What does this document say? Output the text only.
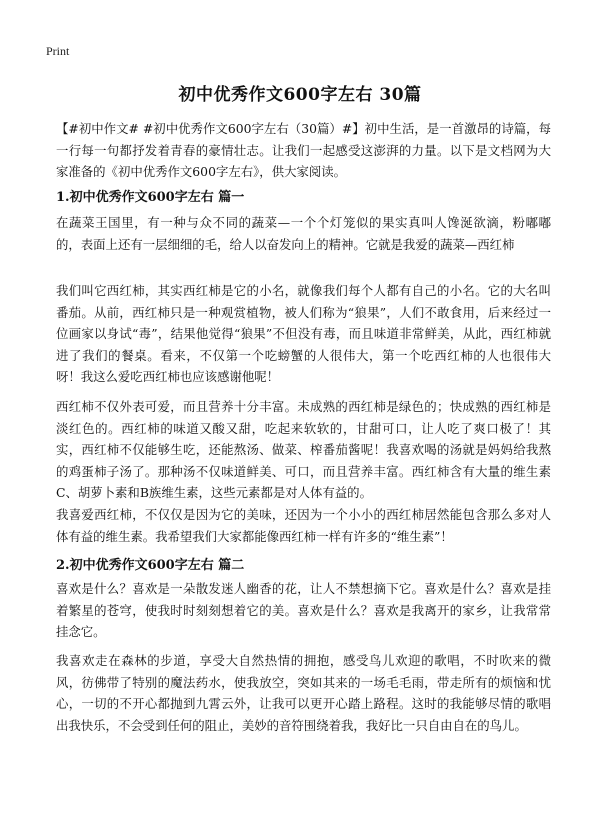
Print
初中优秀作文600字左右 30篇

【#初中作文# #初中优秀作文600字左右（30篇）#】初中生活，是一首激昂的诗篇，每一行每一句都抒发着青春的豪情壮志。让我们一起感受这澎湃的力量。以下是文档网为大家准备的《初中优秀作文600字左右》，供大家阅读。

1.初中优秀作文600字左右 篇一

在蔬菜王国里，有一种与众不同的蔬菜—一个个灯笼似的果实真叫人馋涎欲滴，粉嘟嘟的，表面上还有一层细细的毛，给人以奋发向上的精神。它就是我爱的蔬菜—西红柿

我们叫它西红柿，其实西红柿是它的小名，就像我们每个人都有自己的小名。它的大名叫番茄。从前，西红柿只是一种观赏植物，被人们称为“狼果”，人们不敢食用，后来经过一位画家以身试“毒”，结果他觉得“狼果”不但没有毒，而且味道非常鲜美，从此，西红柿就进了我们的餐桌。看来，不仅第一个吃螃蟹的人很伟大，第一个吃西红柿的人也很伟大呀！我这么爱吃西红柿也应该感谢他呢！

西红柿不仅外表可爱，而且营养十分丰富。未成熟的西红柿是绿色的；快成熟的西红柿是淡红色的。西红柿的味道又酸又甜，吃起来软软的，甘甜可口，让人吃了爽口极了！其实，西红柿不仅能够生吃，还能熬汤、做菜、榨番茄酱呢！我喜欢喝的汤就是妈妈给我熬的鸡蛋柿子汤了。那种汤不仅味道鲜美、可口，而且营养丰富。西红柿含有大量的维生素C、胡萝卜素和B族维生素，这些元素都是对人体有益的。

我喜爱西红柿，不仅仅是因为它的美味，还因为一个小小的西红柿居然能包含那么多对人体有益的维生素。我希望我们大家都能像西红柿一样有许多的“维生素”！

2.初中优秀作文600字左右 篇二

喜欢是什么？喜欢是一朵散发迷人幽香的花，让人不禁想摘下它。喜欢是什么？喜欢是挂着繁星的苍穹，使我时时刻刻想着它的美。喜欢是什么？喜欢是我离开的家乡，让我常常挂念它。

我喜欢走在森林的步道，享受大自然热情的拥抱，感受鸟儿欢迎的歌唱，不时吹来的微风，彷佛带了特别的魔法药水，使我放空，突如其来的一场毛毛雨，带走所有的烦恼和忧心，一切的不开心都抛到九霄云外，让我可以更开心踏上路程。这时的我能够尽情的歌唱出我快乐，不会受到任何的阻止，美妙的音符围绕着我，我好比一只自由自在的鸟儿。
